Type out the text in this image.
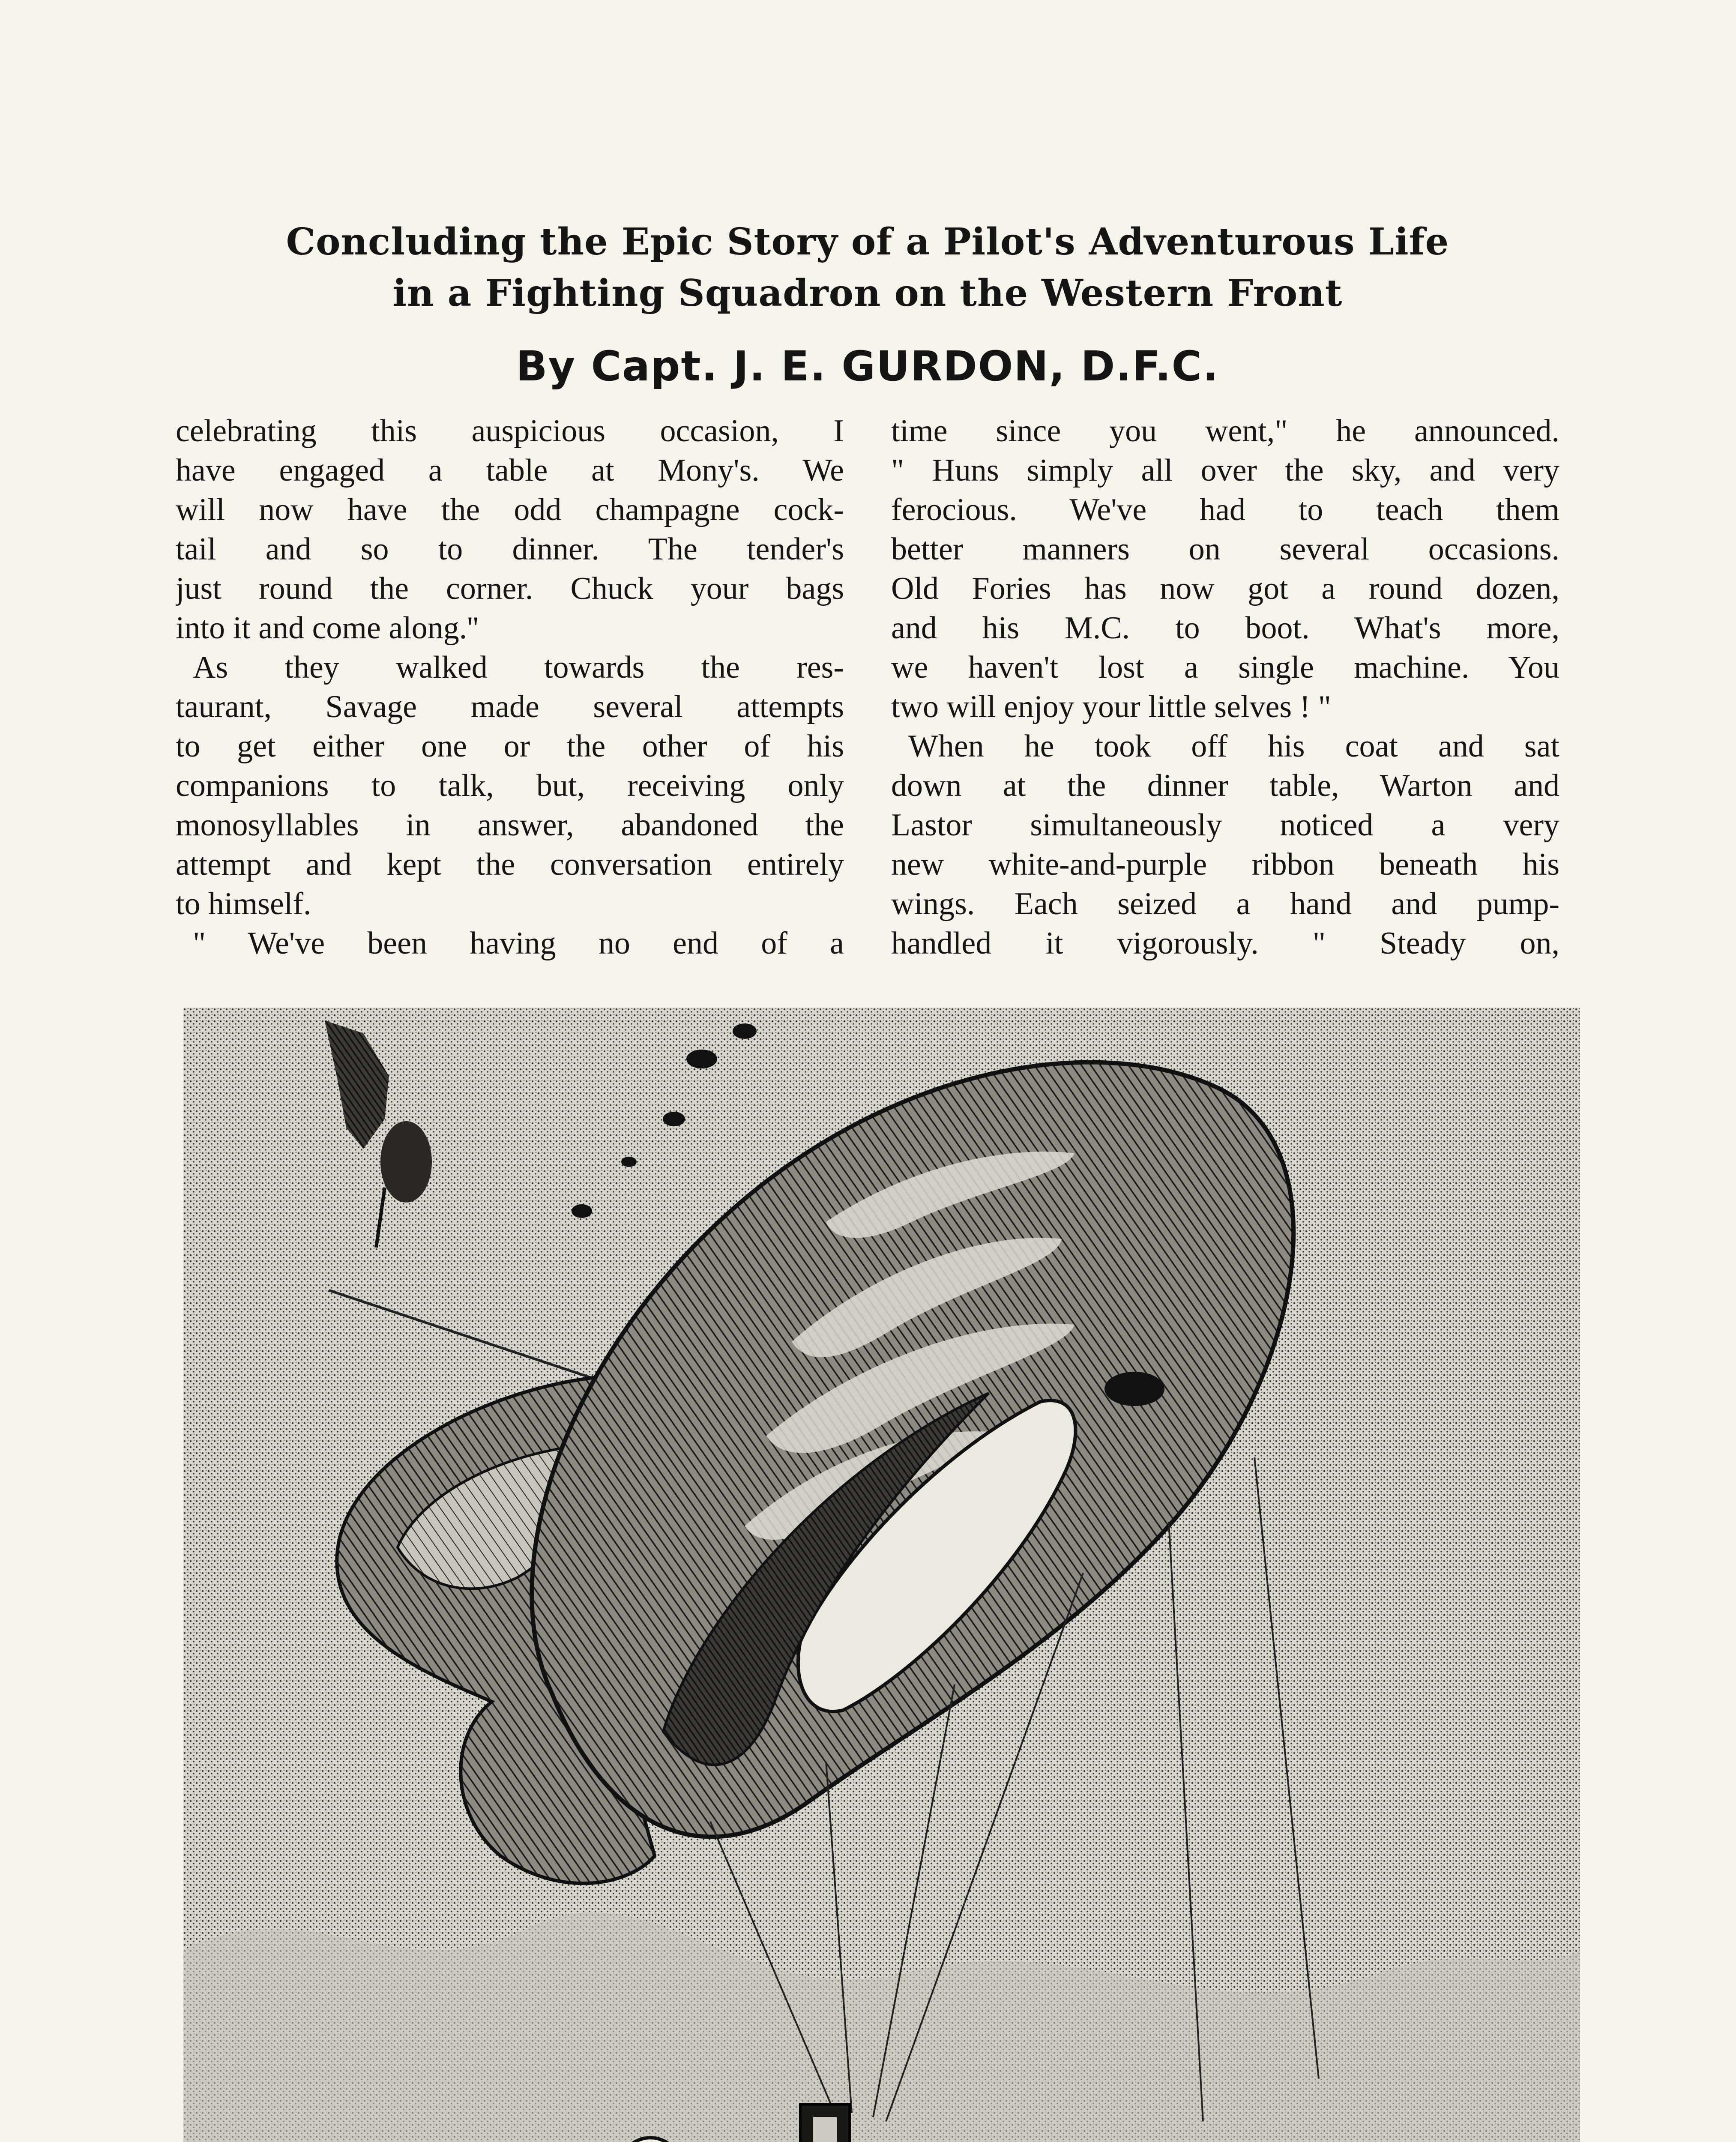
Concluding the Epic Story of a Pilot's Adventurous Life
in a Fighting Squadron on the Western Front
By Capt. J. E. GURDON, D.F.C.
celebrating this auspicious occasion, I
have engaged a table at Mony's. We
will now have the odd champagne cock-
tail and so to dinner. The tender's
just round the corner. Chuck your bags
into it and come along.''
As they walked towards the res-
taurant, Savage made several attempts
to get either one or the other of his
companions to talk, but, receiving only
monosyllables in answer, abandoned the
attempt and kept the conversation entirely
to himself.
" We've been having no end of a
time since you went," he announced.
" Huns simply all over the sky, and very
ferocious. We've had to teach them
better manners on several occasions.
Old Fories has now got a round dozen,
and his M.C. to boot. What's more,
we haven't lost a single machine. You
two will enjoy your little selves ! "
When he took off his coat and sat
down at the dinner table, Warton and
Lastor simultaneously noticed a very
new white-and-purple ribbon beneath his
wings. Each seized a hand and pump-
handled it vigorously. " Steady on,
